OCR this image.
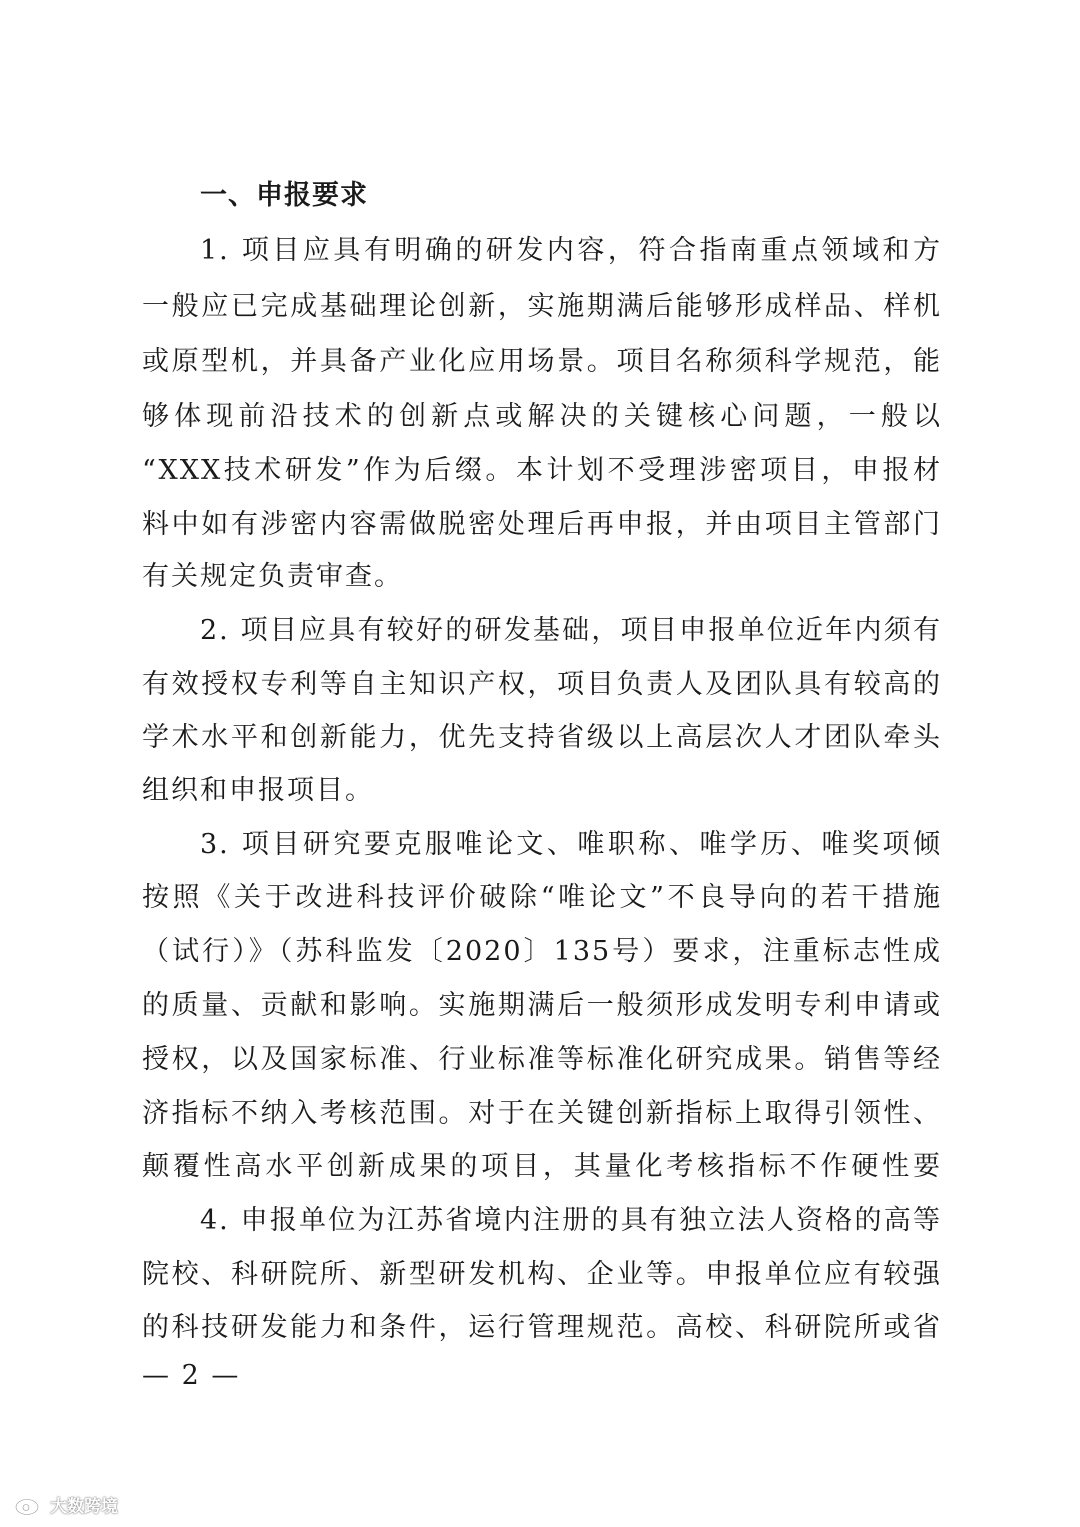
一、申报要求
1. 项目应具有明确的研发内容，符合指南重点领域和方
一般应已完成基础理论创新，实施期满后能够形成样品、样机
或原型机，并具备产业化应用场景。项目名称须科学规范，能
够体现前沿技术的创新点或解决的关键核心问题，一般以
“XXX技术研发”作为后缀。本计划不受理涉密项目，申报材
料中如有涉密内容需做脱密处理后再申报，并由项目主管部门
有关规定负责审查。
2. 项目应具有较好的研发基础，项目申报单位近年内须有
有效授权专利等自主知识产权，项目负责人及团队具有较高的
学术水平和创新能力，优先支持省级以上高层次人才团队牵头
组织和申报项目。
3. 项目研究要克服唯论文、唯职称、唯学历、唯奖项倾
按照《关于改进科技评价破除“唯论文”不良导向的若干措施
（试行）》（苏科监发〔2020〕135号）要求，注重标志性成
的质量、贡献和影响。实施期满后一般须形成发明专利申请或
授权，以及国家标准、行业标准等标准化研究成果。销售等经
济指标不纳入考核范围。对于在关键创新指标上取得引领性、
颠覆性高水平创新成果的项目，其量化考核指标不作硬性要
4. 申报单位为江苏省境内注册的具有独立法人资格的高等
院校、科研院所、新型研发机构、企业等。申报单位应有较强
的科技研发能力和条件，运行管理规范。高校、科研院所或省
— 2 —
大数跨境
